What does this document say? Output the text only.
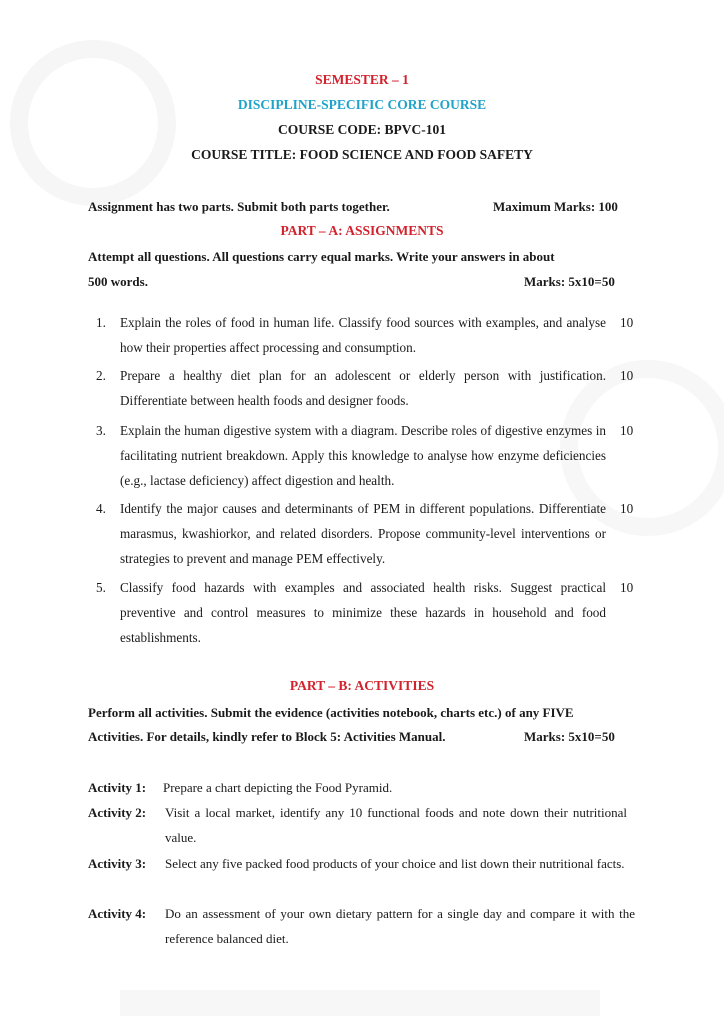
SEMESTER – 1
DISCIPLINE-SPECIFIC CORE COURSE
COURSE CODE: BPVC-101
COURSE TITLE: FOOD SCIENCE AND FOOD SAFETY
Assignment has two parts. Submit both parts together.	Maximum Marks: 100
PART – A: ASSIGNMENTS
Attempt all questions. All questions carry equal marks. Write your answers in about
500 words.	Marks: 5x10=50
1. Explain the roles of food in human life. Classify food sources with examples, and analyse how their properties affect processing and consumption.
10
2. Prepare a healthy diet plan for an adolescent or elderly person with justification. Differentiate between health foods and designer foods.
10
3. Explain the human digestive system with a diagram. Describe roles of digestive enzymes in facilitating nutrient breakdown. Apply this knowledge to analyse how enzyme deficiencies (e.g., lactase deficiency) affect digestion and health.
10
4. Identify the major causes and determinants of PEM in different populations. Differentiate marasmus, kwashiorkor, and related disorders. Propose community-level interventions or strategies to prevent and manage PEM effectively.
10
5. Classify food hazards with examples and associated health risks. Suggest practical preventive and control measures to minimize these hazards in household and food establishments.
10
PART – B: ACTIVITIES
Perform all activities. Submit the evidence (activities notebook, charts etc.) of any FIVE
Activities. For details, kindly refer to Block 5: Activities Manual.	Marks: 5x10=50
Activity 1: Prepare a chart depicting the Food Pyramid.
Activity 2: Visit a local market, identify any 10 functional foods and note down their nutritional value.
Activity 3: Select any five packed food products of your choice and list down their nutritional facts.
Activity 4: Do an assessment of your own dietary pattern for a single day and compare it with the reference balanced diet.
